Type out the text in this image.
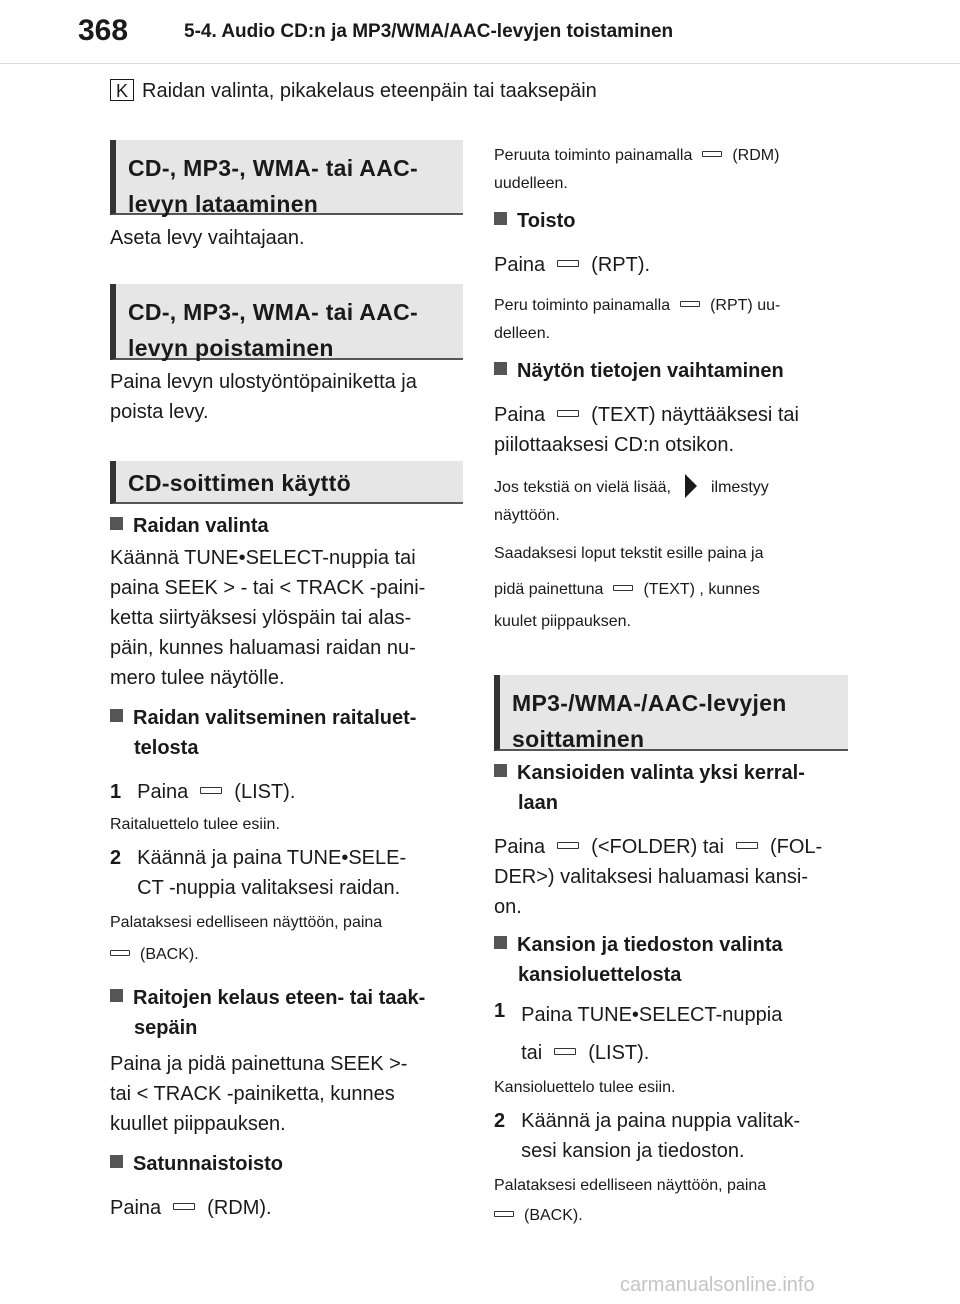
368	5-4. Audio CD:n ja MP3/WMA/AAC-levyjen toistaminen
K Raidan valinta, pikakelaus eteenpäin tai taaksepäin
CD-, MP3-, WMA- tai AAC-
levyn lataaminen
Aseta levy vaihtajaan.
CD-, MP3-, WMA- tai AAC-
levyn poistaminen
Paina levyn ulostyöntöpainiketta ja
poista levy.
CD-soittimen käyttö
Raidan valinta
Käännä TUNE•SELECT-nuppia tai
paina SEEK > - tai < TRACK -paini-
ketta siirtyäksesi ylöspäin tai alas-
päin, kunnes haluamasi raidan nu-
mero tulee näytölle.
Raidan valitseminen raitaluet-
telosta
1 Paina (LIST).
Raitaluettelo tulee esiin.
2 Käännä ja paina TUNE•SELE-
CT -nuppia valitaksesi raidan.
Palataksesi edelliseen näyttöön, paina
(BACK).
Raitojen kelaus eteen- tai taak-
sepäin
Paina ja pidä painettuna SEEK >-
tai < TRACK -painiketta, kunnes
kuullet piippauksen.
Satunnaistoisto
Paina (RDM).
Peruuta toiminto painamalla	(RDM)
uudelleen.
Toisto
Paina (RPT).
Peru toiminto painamalla	(RPT) uu-
delleen.
Näytön tietojen vaihtaminen
Paina (TEXT) näyttääksesi tai
piilottaaksesi CD:n otsikon.
Jos tekstiä on vielä lisää,	ilmestyy
näyttöön.
Saadaksesi loput tekstit esille paina ja
pidä painettuna	(TEXT) , kunnes
kuulet piippauksen.
MP3-/WMA-/AAC-levyjen
soittaminen
Kansioiden valinta yksi kerral-
laan
Paina (<FOLDER) tai (FOL-
DER>) valitaksesi haluamasi kansi-
on.
Kansion ja tiedoston valinta
kansioluettelosta
1 Paina TUNE•SELECT-nuppia
tai (LIST).
Kansioluettelo tulee esiin.
2 Käännä ja paina nuppia valitak-
sesi kansion ja tiedoston.
Palataksesi edelliseen näyttöön, paina
(BACK).
carmanualsonline.info
